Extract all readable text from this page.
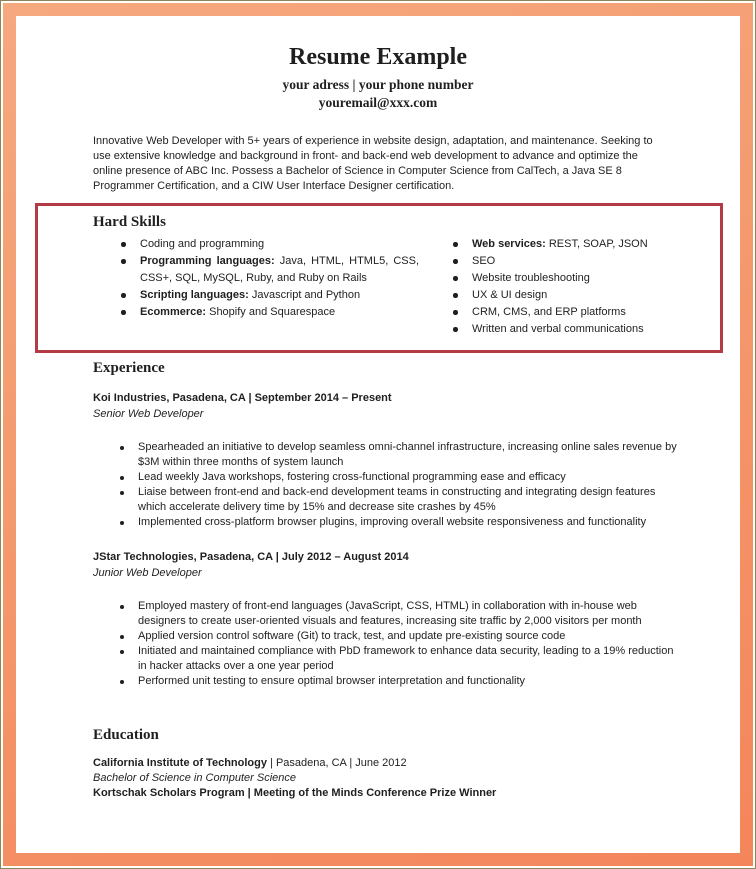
Resume Example
your adress | your phone number
youremail@xxx.com

Innovative Web Developer with 5+ years of experience in website design, adaptation, and maintenance. Seeking to use extensive knowledge and background in front- and back-end web development to advance and optimize the online presence of ABC Inc. Possess a Bachelor of Science in Computer Science from CalTech, a Java SE 8 Programmer Certification, and a CIW User Interface Designer certification.

Hard Skills
Coding and programming
Programming languages: Java, HTML, HTML5, CSS, CSS+, SQL, MySQL, Ruby, and Ruby on Rails
Scripting languages: Javascript and Python
Ecommerce: Shopify and Squarespace
Web services: REST, SOAP, JSON
SEO
Website troubleshooting
UX & UI design
CRM, CMS, and ERP platforms
Written and verbal communications
Experience

Koi Industries, Pasadena, CA | September 2014 – Present

Senior Web Developer

Spearheaded an initiative to develop seamless omni-channel infrastructure, increasing online sales revenue by $3M within three months of system launch
Lead weekly Java workshops, fostering cross-functional programming ease and efficacy
Liaise between front-end and back-end development teams in constructing and integrating design features which accelerate delivery time by 15% and decrease site crashes by 45%
Implemented cross-platform browser plugins, improving overall website responsiveness and functionality

JStar Technologies, Pasadena, CA | July 2012 – August 2014

Junior Web Developer

Employed mastery of front-end languages (JavaScript, CSS, HTML) in collaboration with in-house web designers to create user-oriented visuals and features, increasing site traffic by 2,000 visitors per month
Applied version control software (Git) to track, test, and update pre-existing source code
Initiated and maintained compliance with PbD framework to enhance data security, leading to a 19% reduction in hacker attacks over a one year period
Performed unit testing to ensure optimal browser interpretation and functionality
Education
California Institute of Technology | Pasadena, CA | June 2012
Bachelor of Science in Computer Science
Kortschak Scholars Program | Meeting of the Minds Conference Prize Winner
